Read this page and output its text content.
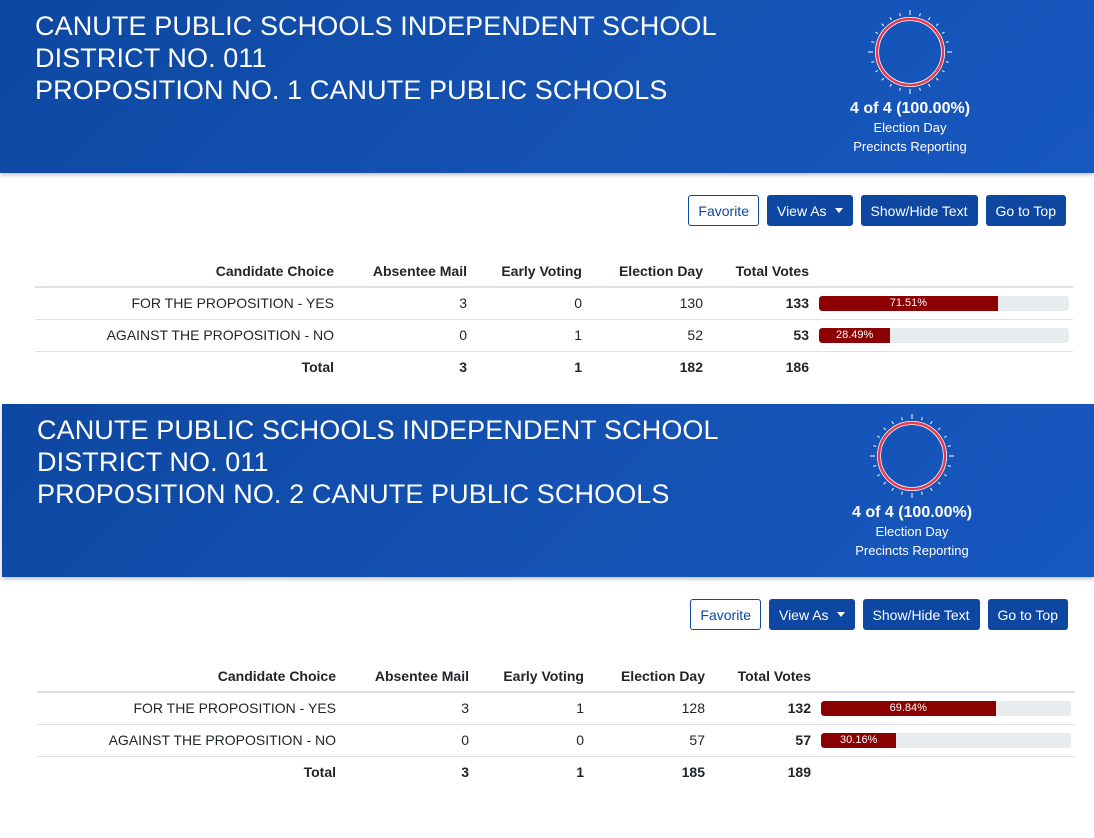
CANUTE PUBLIC SCHOOLS INDEPENDENT SCHOOL
DISTRICT NO. 011
PROPOSITION NO. 1 CANUTE PUBLIC SCHOOLS
4 of 4 (100.00%)
Election Day
Precincts Reporting
Favorite	View As	Show/Hide Text	Go to Top
Candidate Choice	Absentee Mail	Early Voting	Election Day	Total Votes	
FOR THE PROPOSITION - YES	3	0	130	133	71.51%

AGAINST THE PROPOSITION - NO	0	1	52	53	28.49%

Total	3	1	182	186	
CANUTE PUBLIC SCHOOLS INDEPENDENT SCHOOL
DISTRICT NO. 011
PROPOSITION NO. 2 CANUTE PUBLIC SCHOOLS
4 of 4 (100.00%)
Election Day
Precincts Reporting
Favorite	View As	Show/Hide Text	Go to Top
Candidate Choice	Absentee Mail	Early Voting	Election Day	Total Votes	
FOR THE PROPOSITION - YES	3	1	128	132	69.84%

AGAINST THE PROPOSITION - NO	0	0	57	57	30.16%

Total	3	1	185	189	
